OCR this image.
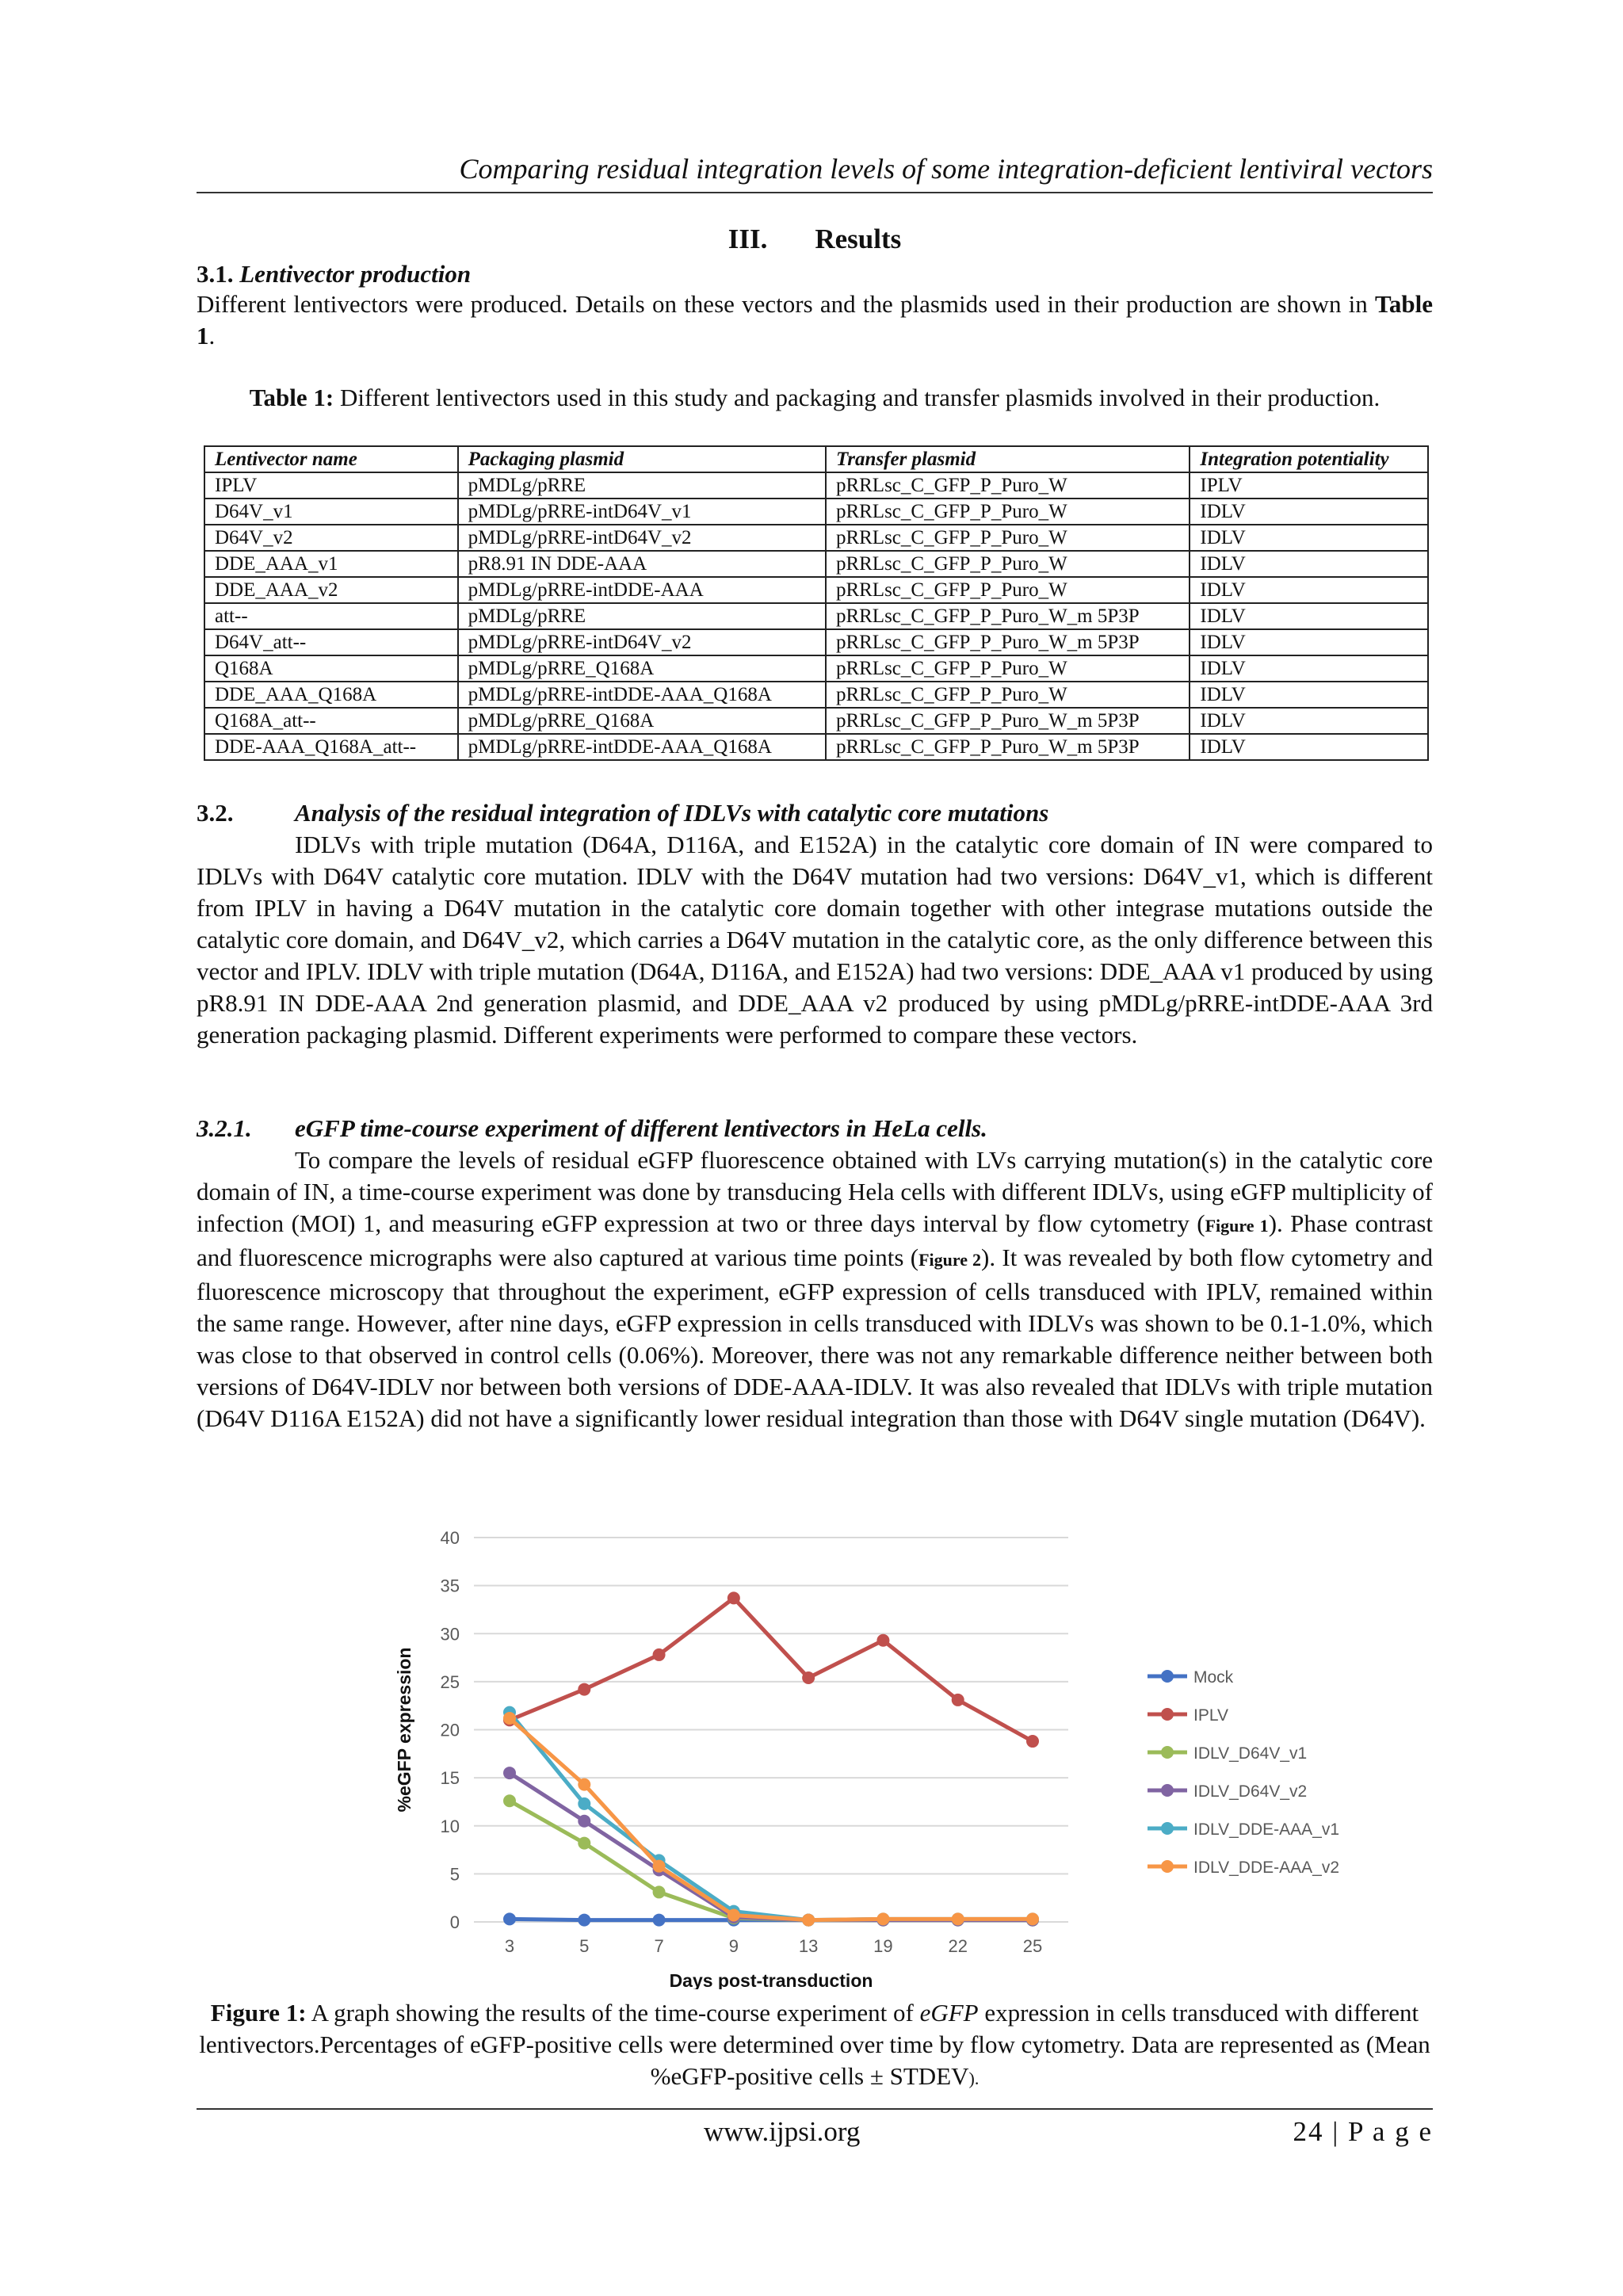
Comparing residual integration levels of some integration-deficient lentiviral vectors
III. Results
3.1. Lentivector production
Different lentivectors were produced. Details on these vectors and the plasmids used in their production are shown in Table 1.
Table 1: Different lentivectors used in this study and packaging and transfer plasmids involved in their production.
Lentivector name	Packaging plasmid	Transfer plasmid	Integration potentiality
IPLV	pMDLg/pRRE	pRRLsc_C_GFP_P_Puro_W	IPLV
D64V_v1	pMDLg/pRRE-intD64V_v1	pRRLsc_C_GFP_P_Puro_W	IDLV
D64V_v2	pMDLg/pRRE-intD64V_v2	pRRLsc_C_GFP_P_Puro_W	IDLV
DDE_AAA_v1	pR8.91 IN DDE-AAA	pRRLsc_C_GFP_P_Puro_W	IDLV
DDE_AAA_v2	pMDLg/pRRE-intDDE-AAA	pRRLsc_C_GFP_P_Puro_W	IDLV
att--	pMDLg/pRRE	pRRLsc_C_GFP_P_Puro_W_m 5P3P	IDLV
D64V_att--	pMDLg/pRRE-intD64V_v2	pRRLsc_C_GFP_P_Puro_W_m 5P3P	IDLV
Q168A	pMDLg/pRRE_Q168A	pRRLsc_C_GFP_P_Puro_W	IDLV
DDE_AAA_Q168A	pMDLg/pRRE-intDDE-AAA_Q168A	pRRLsc_C_GFP_P_Puro_W	IDLV
Q168A_att--	pMDLg/pRRE_Q168A	pRRLsc_C_GFP_P_Puro_W_m 5P3P	IDLV
DDE-AAA_Q168A_att--	pMDLg/pRRE-intDDE-AAA_Q168A	pRRLsc_C_GFP_P_Puro_W_m 5P3P	IDLV
3.2.	Analysis of the residual integration of IDLVs with catalytic core mutations
IDLVs with triple mutation (D64A, D116A, and E152A) in the catalytic core domain of IN were compared to IDLVs with D64V catalytic core mutation. IDLV with the D64V mutation had two versions: D64V_v1, which is different from IPLV in having a D64V mutation in the catalytic core domain together with other integrase mutations outside the catalytic core domain, and D64V_v2, which carries a D64V mutation in the catalytic core, as the only difference between this vector and IPLV. IDLV with triple mutation (D64A, D116A, and E152A) had two versions: DDE_AAA v1 produced by using pR8.91 IN DDE-AAA 2nd generation plasmid, and DDE_AAA v2 produced by using pMDLg/pRRE-intDDE-AAA 3rd generation packaging plasmid. Different experiments were performed to compare these vectors.
3.2.1. eGFP time-course experiment of different lentivectors in HeLa cells.
To compare the levels of residual eGFP fluorescence obtained with LVs carrying mutation(s) in the catalytic core domain of IN, a time-course experiment was done by transducing Hela cells with different IDLVs, using eGFP multiplicity of infection (MOI) 1, and measuring eGFP expression at two or three days interval by flow cytometry (Figure 1). Phase contrast and fluorescence micrographs were also captured at various time points (Figure 2). It was revealed by both flow cytometry and fluorescence microscopy that throughout the experiment, eGFP expression of cells transduced with IPLV, remained within the same range. However, after nine days, eGFP expression in cells transduced with IDLVs was shown to be 0.1-1.0%, which was close to that observed in control cells (0.06%). Moreover, there was not any remarkable difference neither between both versions of D64V-IDLV nor between both versions of DDE-AAA-IDLV. It was also revealed that IDLVs with triple mutation (D64V D116A E152A) did not have a significantly lower residual integration than those with D64V single mutation (D64V).
0
5
10
15
20
25
30
35
40
3	5	7	9	13	19	22	25
Days post-transduction
%eGFP expression	Mock
IPLV
IDLV_D64V_v1
IDLV_D64V_v2
IDLV_DDE-AAA_v1
IDLV_DDE-AAA_v2
Figure 1: A graph showing the results of the time-course experiment of eGFP expression in cells transduced with different lentivectors.Percentages of eGFP-positive cells were determined over time by flow cytometry. Data are represented as (Mean %eGFP-positive cells ± STDEV).
www.ijpsi.org	24 | P a g e
